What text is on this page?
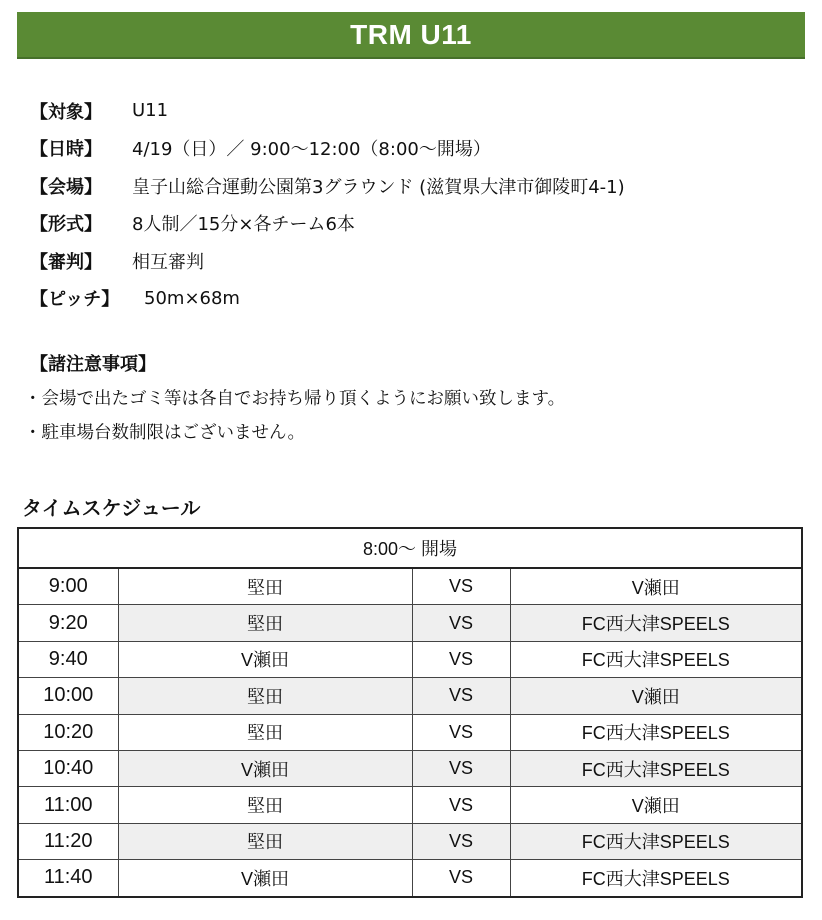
TRM U11
【対象】	U11
【日時】	4/19（日）／ 9:00～12:00（8:00～開場）
【会場】	皇子山総合運動公園第3グラウンド (滋賀県大津市御陵町4-1)
【形式】	8人制／15分×各チーム6本
【審判】	相互審判
【ピッチ】	50m×68m
【諸注意事項】
・会場で出たゴミ等は各自でお持ち帰り頂くようにお願い致します。
・駐車場台数制限はございません。
タイムスケジュール
8:00～ 開場			
9:00	堅田	VS	V瀬田
9:20	堅田	VS	FC西大津SPEELS
9:40	V瀬田	VS	FC西大津SPEELS
10:00	堅田	VS	V瀬田
10:20	堅田	VS	FC西大津SPEELS
10:40	V瀬田	VS	FC西大津SPEELS
11:00	堅田	VS	V瀬田
11:20	堅田	VS	FC西大津SPEELS
11:40	V瀬田	VS	FC西大津SPEELS
